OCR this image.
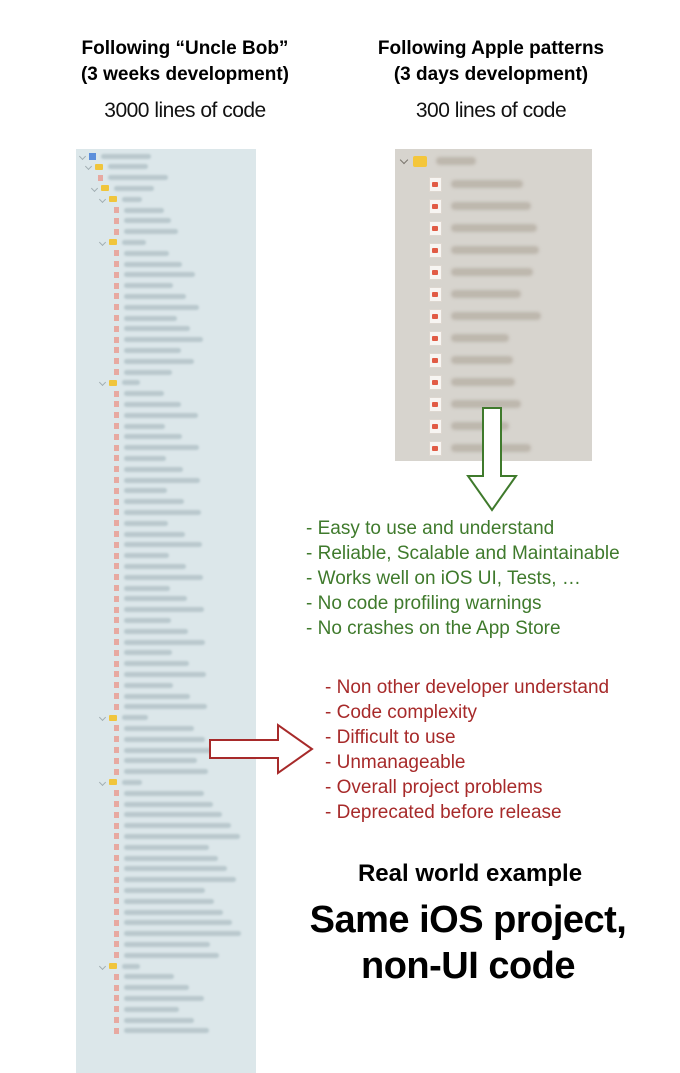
Following “Uncle Bob”
(3 weeks development)
3000 lines of code
Following Apple patterns
(3 days development)
300 lines of code
- Easy to use and understand
- Reliable, Scalable and Maintainable
- Works well on iOS UI, Tests, …
- No code profiling warnings
- No crashes on the App Store
- Non other developer understand
- Code complexity
- Difficult to use
- Unmanageable
- Overall project problems
- Deprecated before release
Real world example
Same iOS project,
non-UI code
